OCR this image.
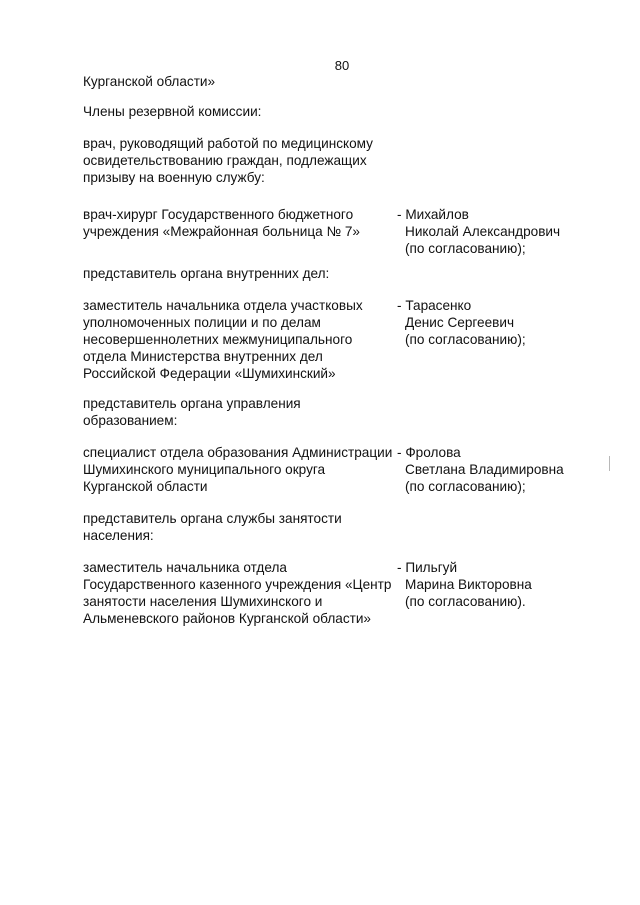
80

Курганской области»

Члены резервной комиссии:

врач, руководящий работой по медицинскому освидетельствованию граждан, подлежащих призыву на военную службу:

врач-хирург Государственного бюджетного учреждения «Межрайонная больница № 7»
- Михайлов
Николай Александрович
(по согласованию);

представитель органа внутренних дел:

заместитель начальника отдела участковых уполномоченных полиции и по делам несовершеннолетних межмуниципального отдела Министерства внутренних дел Российской Федерации «Шумихинский»
- Тарасенко
Денис Сергеевич
(по согласованию);

представитель органа управления образованием:

специалист отдела образования Администрации Шумихинского муниципального округа Курганской области
- Фролова
Светлана Владимировна
(по согласованию);

представитель органа службы занятости населения:

заместитель начальника отдела Государственного казенного учреждения «Центр занятости населения Шумихинского и Альменевского районов Курганской области»
- Пильгуй
Марина Викторовна
(по согласованию).
